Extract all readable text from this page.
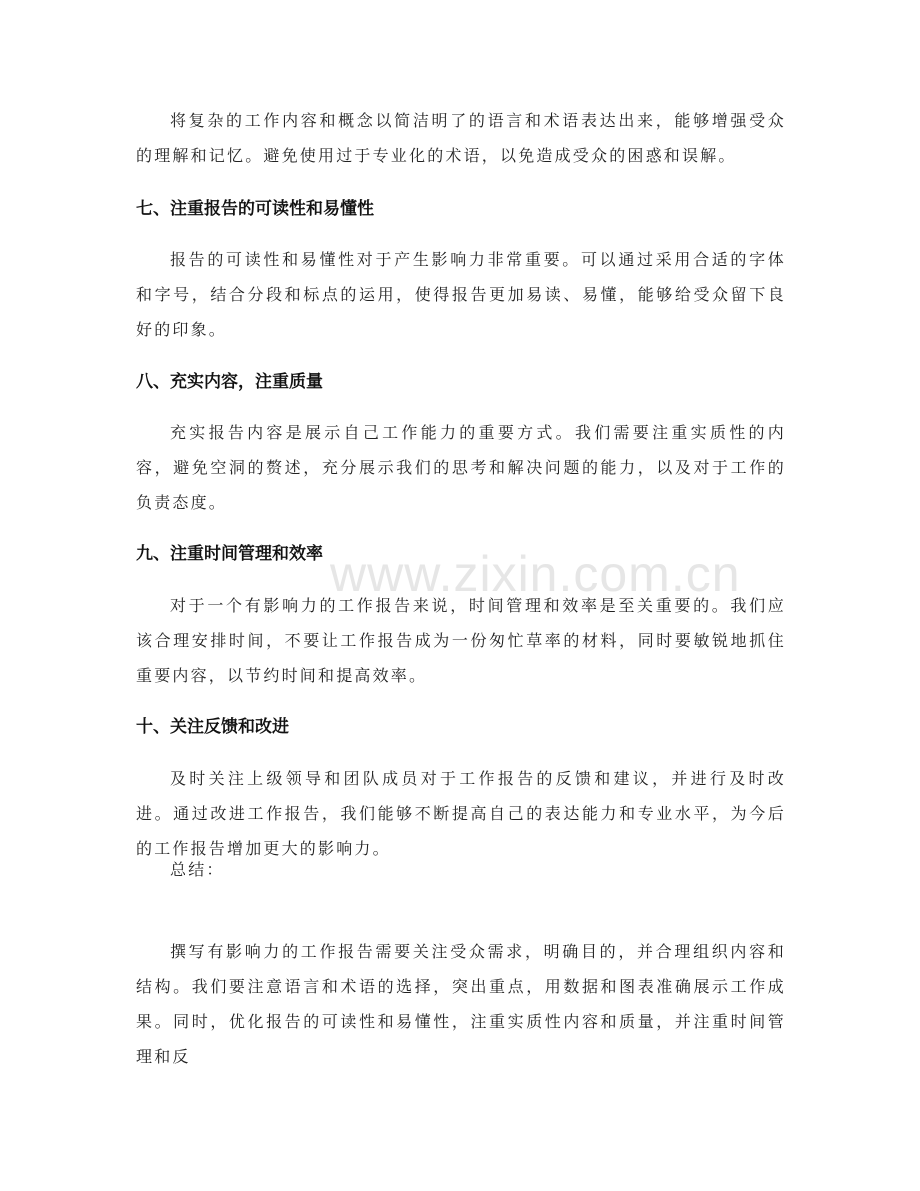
www.zixin.com.cn

将复杂的工作内容和概念以简洁明了的语言和术语表达出来，能够增强受众的理解和记忆。避免使用过于专业化的术语，以免造成受众的困惑和误解。

七、注重报告的可读性和易懂性

报告的可读性和易懂性对于产生影响力非常重要。可以通过采用合适的字体和字号，结合分段和标点的运用，使得报告更加易读、易懂，能够给受众留下良好的印象。

八、充实内容，注重质量

充实报告内容是展示自己工作能力的重要方式。我们需要注重实质性的内容，避免空洞的赘述，充分展示我们的思考和解决问题的能力，以及对于工作的负责态度。

九、注重时间管理和效率

对于一个有影响力的工作报告来说，时间管理和效率是至关重要的。我们应该合理安排时间，不要让工作报告成为一份匆忙草率的材料，同时要敏锐地抓住重要内容，以节约时间和提高效率。

十、关注反馈和改进

及时关注上级领导和团队成员对于工作报告的反馈和建议，并进行及时改进。通过改进工作报告，我们能够不断提高自己的表达能力和专业水平，为今后的工作报告增加更大的影响力。

总结：

撰写有影响力的工作报告需要关注受众需求，明确目的，并合理组织内容和结构。我们要注意语言和术语的选择，突出重点，用数据和图表准确展示工作成果。同时，优化报告的可读性和易懂性，注重实质性内容和质量，并注重时间管理和反
